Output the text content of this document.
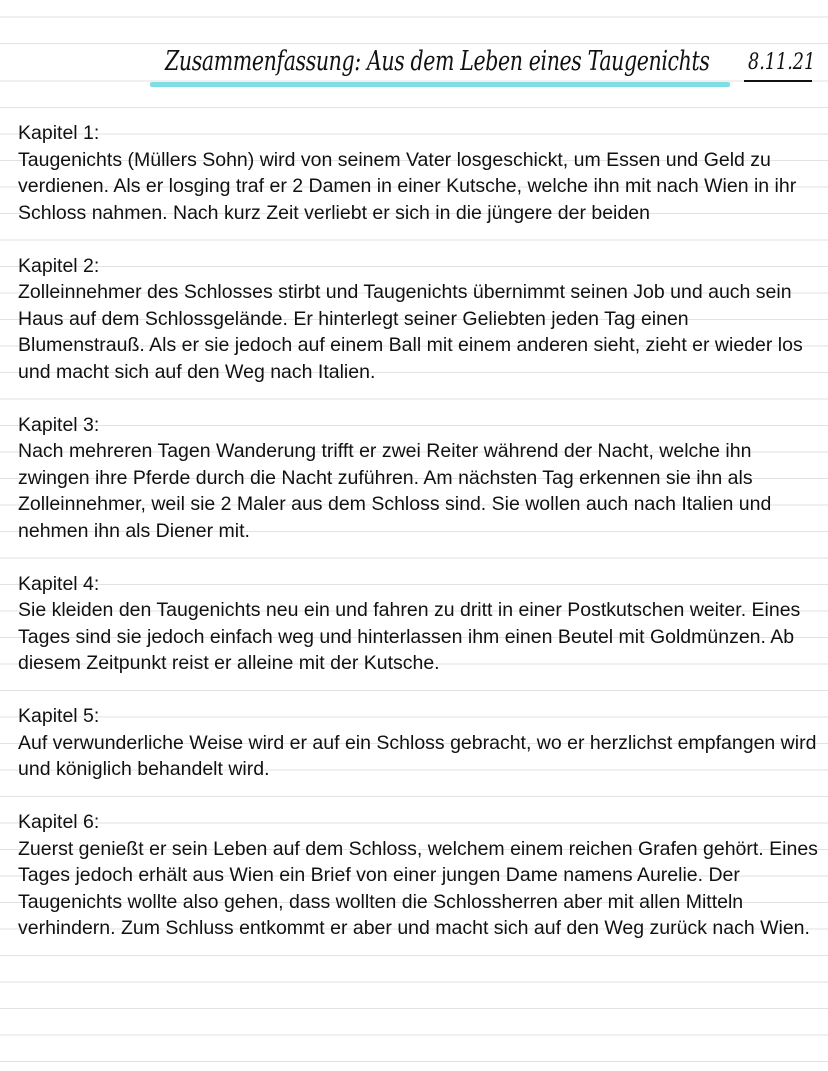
Zusammenfassung: Aus dem Leben eines Taugenichts 8.11.21
Kapitel 1:
Taugenichts (Müllers Sohn) wird von seinem Vater losgeschickt, um Essen und Geld zu verdienen. Als er losging traf er 2 Damen in einer Kutsche, welche ihn mit nach Wien in ihr Schloss nahmen. Nach kurz Zeit verliebt er sich in die jüngere der beiden
Kapitel 2:
Zolleinnehmer des Schlosses stirbt und Taugenichts übernimmt seinen Job und auch sein Haus auf dem Schlossgelände. Er hinterlegt seiner Geliebten jeden Tag einen Blumenstrauß. Als er sie jedoch auf einem Ball mit einem anderen sieht, zieht er wieder los und macht sich auf den Weg nach Italien.
Kapitel 3:
Nach mehreren Tagen Wanderung trifft er zwei Reiter während der Nacht, welche ihn zwingen ihre Pferde durch die Nacht zuführen. Am nächsten Tag erkennen sie ihn als Zolleinnehmer, weil sie 2 Maler aus dem Schloss sind. Sie wollen auch nach Italien und nehmen ihn als Diener mit.
Kapitel 4:
Sie kleiden den Taugenichts neu ein und fahren zu dritt in einer Postkutschen weiter. Eines Tages sind sie jedoch einfach weg und hinterlassen ihm einen Beutel mit Goldmünzen. Ab diesem Zeitpunkt reist er alleine mit der Kutsche.
Kapitel 5:
Auf verwunderliche Weise wird er auf ein Schloss gebracht, wo er herzlichst empfangen wird und königlich behandelt wird.
Kapitel 6:
Zuerst genießt er sein Leben auf dem Schloss, welchem einem reichen Grafen gehört. Eines Tages jedoch erhält aus Wien ein Brief von einer jungen Dame namens Aurelie. Der Taugenichts wollte also gehen, dass wollten die Schlossherren aber mit allen Mitteln verhindern. Zum Schluss entkommt er aber und macht sich auf den Weg zurück nach Wien.
